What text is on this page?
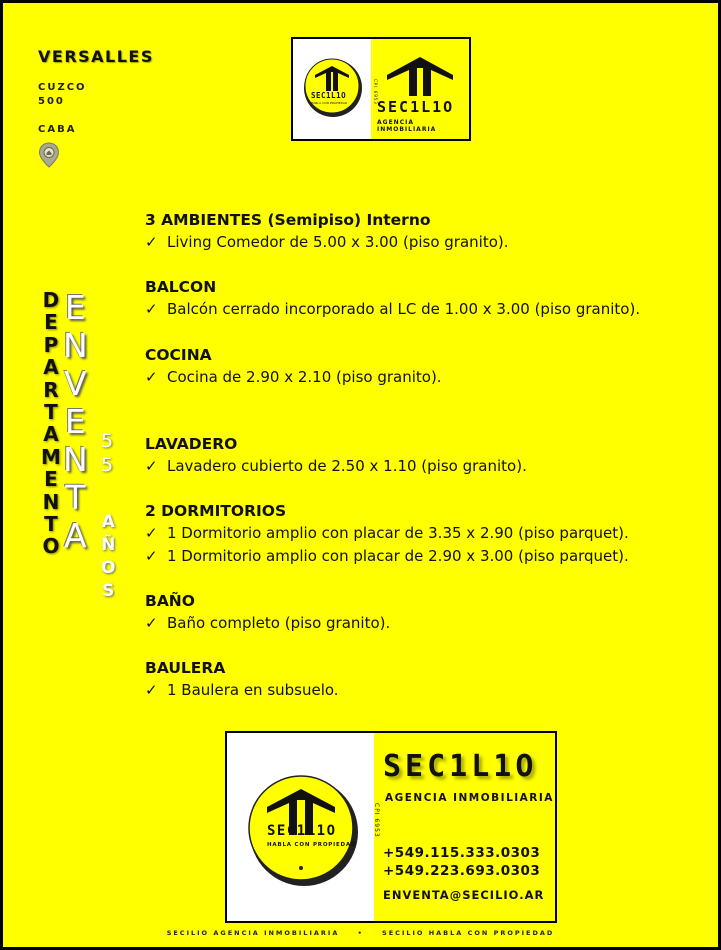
VERSALLES
CUZCO
500
CABA
SEC1L1O
HABLA CON PROPIEDAD	CPI 6953
SEC1L1O
AGENCIA INMOBILIARIA
D
E
P
A
R
T
A
M
E
N
T
O
E
N
V
E
N
T
A
5
5
A
Ñ
O
S
3 AMBIENTES (Semipiso) Interno
✓ Living Comedor de 5.00 x 3.00 (piso granito).
BALCON
✓ Balcón cerrado incorporado al LC de 1.00 x 3.00 (piso granito).
COCINA
✓ Cocina de 2.90 x 2.10 (piso granito).
LAVADERO
✓ Lavadero cubierto de 2.50 x 1.10 (piso granito).
2 DORMITORIOS
✓ 1 Dormitorio amplio con placar de 3.35 x 2.90 (piso parquet).
✓ 1 Dormitorio amplio con placar de 2.90 x 3.00 (piso parquet).
BAÑO
✓ Baño completo (piso granito).
BAULERA
✓ 1 Baulera en subsuelo.
SEC1L1O
HABLA CON PROPIEDAD
CPI 6953
SEC1L1O
AGENCIA INMOBILIARIA
+549.115.333.0303
+549.223.693.0303
ENVENTA@SECILIO.AR
SECILIO AGENCIA INMOBILIARIA	•	SECILIO HABLA CON PROPIEDAD
